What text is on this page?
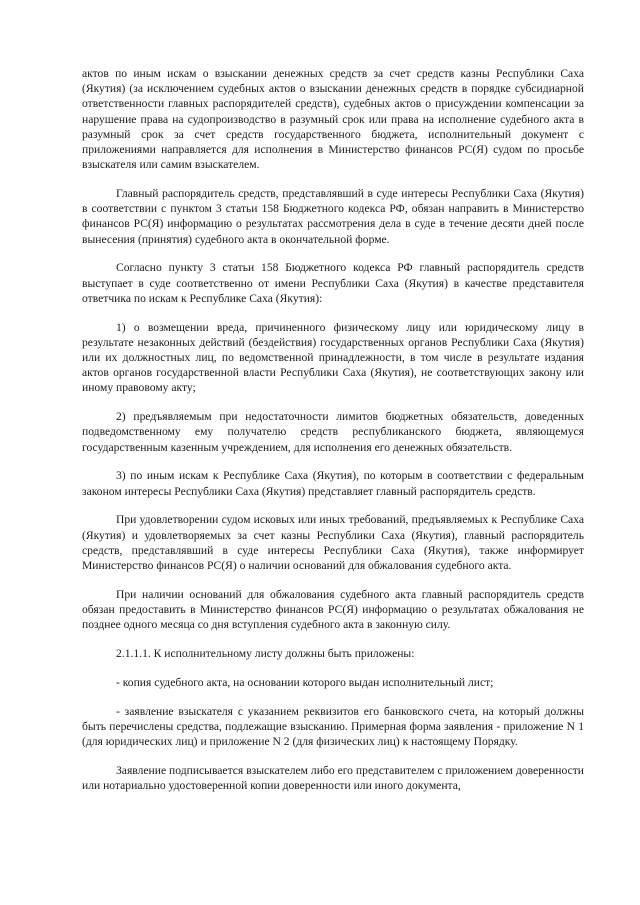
актов по иным искам о взыскании денежных средств за счет средств казны Республики Саха (Якутия) (за исключением судебных актов о взыскании денежных средств в порядке субсидиарной ответственности главных распорядителей средств), судебных актов о присуждении компенсации за нарушение права на судопроизводство в разумный срок или права на исполнение судебного акта в разумный срок за счет средств государственного бюджета, исполнительный документ с приложениями направляется для исполнения в Министерство финансов РС(Я) судом по просьбе взыскателя или самим взыскателем.

Главный распорядитель средств, представлявший в суде интересы Республики Саха (Якутия) в соответствии с пунктом 3 статьи 158 Бюджетного кодекса РФ, обязан направить в Министерство финансов РС(Я) информацию о результатах рассмотрения дела в суде в течение десяти дней после вынесения (принятия) судебного акта в окончательной форме.

Согласно пункту 3 статьи 158 Бюджетного кодекса РФ главный распорядитель средств выступает в суде соответственно от имени Республики Саха (Якутия) в качестве представителя ответчика по искам к Республике Саха (Якутия):

1) о возмещении вреда, причиненного физическому лицу или юридическому лицу в результате незаконных действий (бездействия) государственных органов Республики Саха (Якутия) или их должностных лиц, по ведомственной принадлежности, в том числе в результате издания актов органов государственной власти Республики Саха (Якутия), не соответствующих закону или иному правовому акту;

2) предъявляемым при недостаточности лимитов бюджетных обязательств, доведенных подведомственному ему получателю средств республиканского бюджета, являющемуся государственным казенным учреждением, для исполнения его денежных обязательств.

3) по иным искам к Республике Саха (Якутия), по которым в соответствии с федеральным законом интересы Республики Саха (Якутия) представляет главный распорядитель средств.

При удовлетворении судом исковых или иных требований, предъявляемых к Республике Саха (Якутия) и удовлетворяемых за счет казны Республики Саха (Якутия), главный распорядитель средств, представлявший в суде интересы Республики Саха (Якутия), также информирует Министерство финансов РС(Я) о наличии оснований для обжалования судебного акта.

При наличии оснований для обжалования судебного акта главный распорядитель средств обязан предоставить в Министерство финансов РС(Я) информацию о результатах обжалования не позднее одного месяца со дня вступления судебного акта в законную силу.

2.1.1.1. К исполнительному листу должны быть приложены:

- копия судебного акта, на основании которого выдан исполнительный лист;

- заявление взыскателя с указанием реквизитов его банковского счета, на который должны быть перечислены средства, подлежащие взысканию. Примерная форма заявления - приложение N 1 (для юридических лиц) и приложение N 2 (для физических лиц) к настоящему Порядку.

Заявление подписывается взыскателем либо его представителем с приложением доверенности или нотариально удостоверенной копии доверенности или иного документа,
